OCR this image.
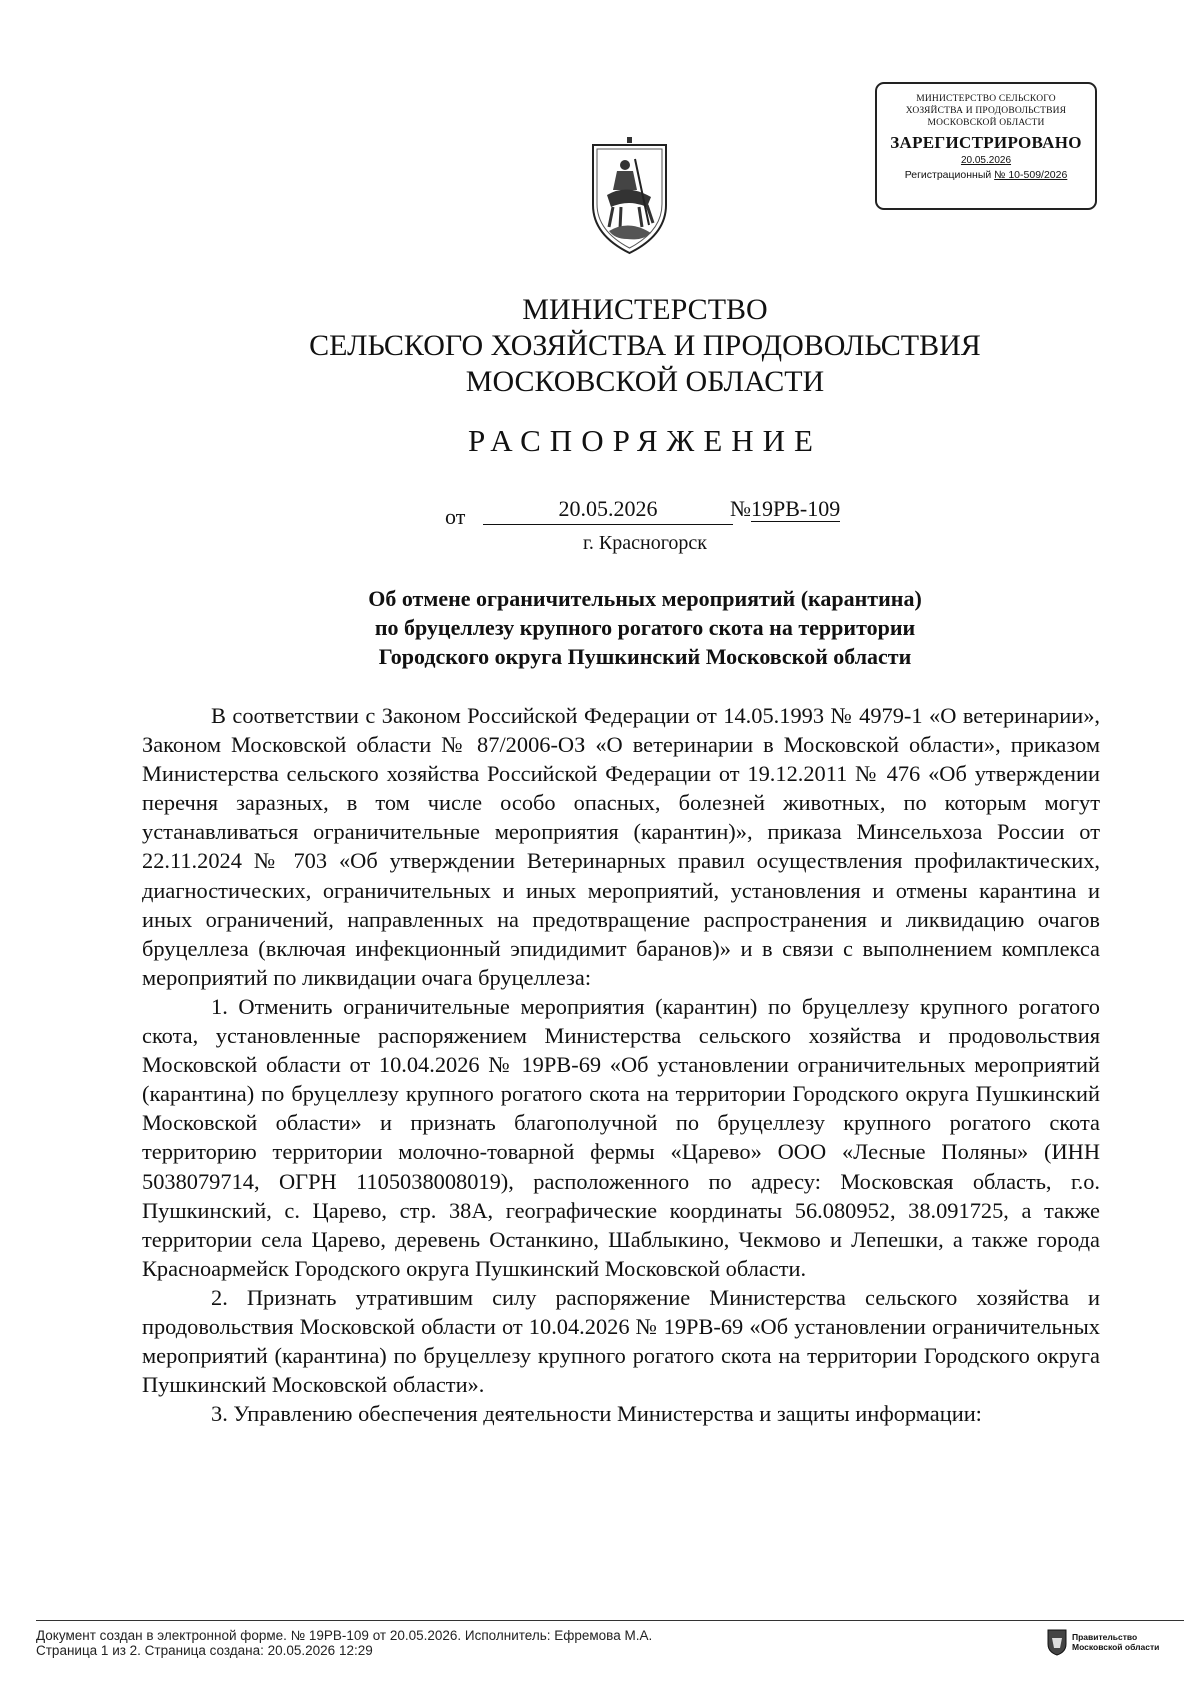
МИНИСТЕРСТВО СЕЛЬСКОГО
ХОЗЯЙСТВА И ПРОДОВОЛЬСТВИЯ
МОСКОВСКОЙ ОБЛАСТИ
ЗАРЕГИСТРИРОВАНО
20.05.2026
Регистрационный № 10-509/2026
МИНИСТЕРСТВО
СЕЛЬСКОГО ХОЗЯЙСТВА И ПРОДОВОЛЬСТВИЯ
МОСКОВСКОЙ ОБЛАСТИ
РАСПОРЯЖЕНИЕ
от	20.05.2026	№19РВ-109
г. Красногорск
Об отмене ограничительных мероприятий (карантина)
по бруцеллезу крупного рогатого скота на территории
Городского округа Пушкинский Московской области

В соответствии с Законом Российской Федерации от 14.05.1993 № 4979-1 «О ветеринарии», Законом Московской области № 87/2006-ОЗ «О ветеринарии в Московской области», приказом Министерства сельского хозяйства Российской Федерации от 19.12.2011 № 476 «Об утверждении перечня заразных, в том числе особо опасных, болезней животных, по которым могут устанавливаться ограничительные мероприятия (карантин)», приказа Минсельхоза России от 22.11.2024 № 703 «Об утверждении Ветеринарных правил осуществления профилактических, диагностических, ограничительных и иных мероприятий, установления и отмены карантина и иных ограничений, направленных на предотвращение распространения и ликвидацию очагов бруцеллеза (включая инфекционный эпидидимит баранов)» и в связи с выполнением комплекса мероприятий по ликвидации очага бруцеллеза:

1. Отменить ограничительные мероприятия (карантин) по бруцеллезу крупного рогатого скота, установленные распоряжением Министерства сельского хозяйства и продовольствия Московской области от 10.04.2026 № 19РВ-69 «Об установлении ограничительных мероприятий (карантина) по бруцеллезу крупного рогатого скота на территории Городского округа Пушкинский Московской области» и признать благополучной по бруцеллезу крупного рогатого скота территорию территории молочно-товарной фермы «Царево» ООО «Лесные Поляны» (ИНН 5038079714, ОГРН 1105038008019), расположенного по адресу: Московская область, г.о. Пушкинский, с. Царево, стр. 38А, географические координаты 56.080952, 38.091725, а также территории села Царево, деревень Останкино, Шаблыкино, Чекмово и Лепешки, а также города Красноармейск Городского округа Пушкинский Московской области.

2. Признать утратившим силу распоряжение Министерства сельского хозяйства и продовольствия Московской области от 10.04.2026 № 19РВ-69 «Об установлении ограничительных мероприятий (карантина) по бруцеллезу крупного рогатого скота на территории Городского округа Пушкинский Московской области».

3. Управлению обеспечения деятельности Министерства и защиты информации:

Документ создан в электронной форме. № 19РВ-109 от 20.05.2026. Исполнитель: Ефремова М.А.
Страница 1 из 2. Страница создана: 20.05.2026 12:29
Правительство
Московской области
